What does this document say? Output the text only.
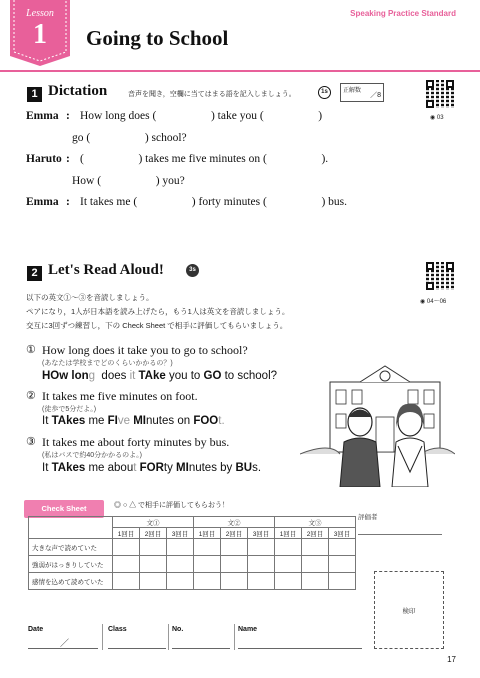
Speaking Practice Standard
Lesson
1	Going to School
1 Dictation	音声を聞き，空欄に当てはまる語を記入しましょう。	1s	正解数
／8
◉ 03
Emma : How long does (                   ) take you (                   )
go (                   ) school?
Haruto : (                   ) takes me five minutes on (                   ).
How (                   ) you?
Emma : It takes me (                   ) forty minutes (                   ) bus.
2 Let's Read Aloud!	3s
◉ 04〜06
以下の英文①～③を音読しましょう。
ペアになり，1人が日本語を読み上げたら，もう1人は英文を音読しましょう。
交互に3回ずつ練習し，下の Check Sheet で相手に評価してもらいましょう。
① How long does it take you to go to school?
(あなたは学校までどのくらいかかるの？)
HOw long  does it TAke you to GO to school?
② It takes me five minutes on foot.
(徒歩で5分だよ。)
It TAkes me FIve MInutes on FOOt.
③ It takes me about forty minutes by bus.
(私はバスで約40分かかるのよ。)
It TAkes me about FORty MInutes by BUs.
Check Sheet	◎ ○ △ で相手に評価してもらおう！
	文①			文②			文③		
	1回目	2回目	3回目	1回目	2回目	3回目	1回目	2回目	3回目
大きな声で読めていた									
強弱がはっきりしていた									
感情を込めて読めていた									
評価者
検印
Date
／
Class	No.	Name
17
